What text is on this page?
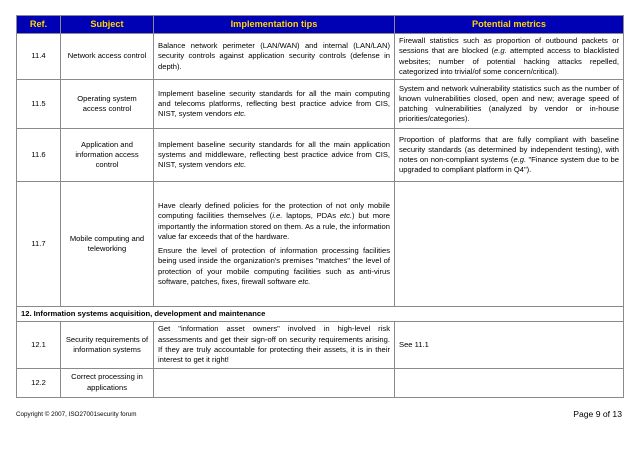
Ref.	Subject	Implementation tips	Potential metrics
11.4	Network access control	Balance network perimeter (LAN/WAN) and internal (LAN/LAN) security controls against application security controls (defense in depth).	Firewall statistics such as proportion of outbound packets or sessions that are blocked (e.g. attempted access to blacklisted websites; number of potential hacking attacks repelled, categorized into trivial/of some concern/critical).
11.5	Operating system access control	Implement baseline security standards for all the main computing and telecoms platforms, reflecting best practice advice from CIS, NIST, system vendors etc.	System and network vulnerability statistics such as the number of known vulnerabilities closed, open and new; average speed of patching vulnerabilities (analyzed by vendor or in-house priorities/categories).
11.6	Application and information access control	Implement baseline security standards for all the main application systems and middleware, reflecting best practice advice from CIS, NIST, system vendors etc.	Proportion of platforms that are fully compliant with baseline security standards (as determined by independent testing), with notes on non-compliant systems (e.g. "Finance system due to be upgraded to compliant platform in Q4").
11.7	Mobile computing and teleworking	Have clearly defined policies for the protection of not only mobile computing facilities themselves (i.e. laptops, PDAs etc.) but more importantly the information stored on them. As a rule, the information value far exceeds that of the hardware.

Ensure the level of protection of information processing facilities being used inside the organization's premises "matches" the level of protection of your mobile computing facilities such as anti-virus software, patches, fixes, firewall software etc.	

12. Information systems acquisition, development and maintenance			
12.1	Security requirements of information systems	Get "information asset owners" involved in high-level risk assessments and get their sign-off on security requirements arising. If they are truly accountable for protecting their assets, it is in their interest to get it right!	See 11.1
12.2	Correct processing in applications	

Copyright © 2007, ISO27001security forum	Page 9 of 13
